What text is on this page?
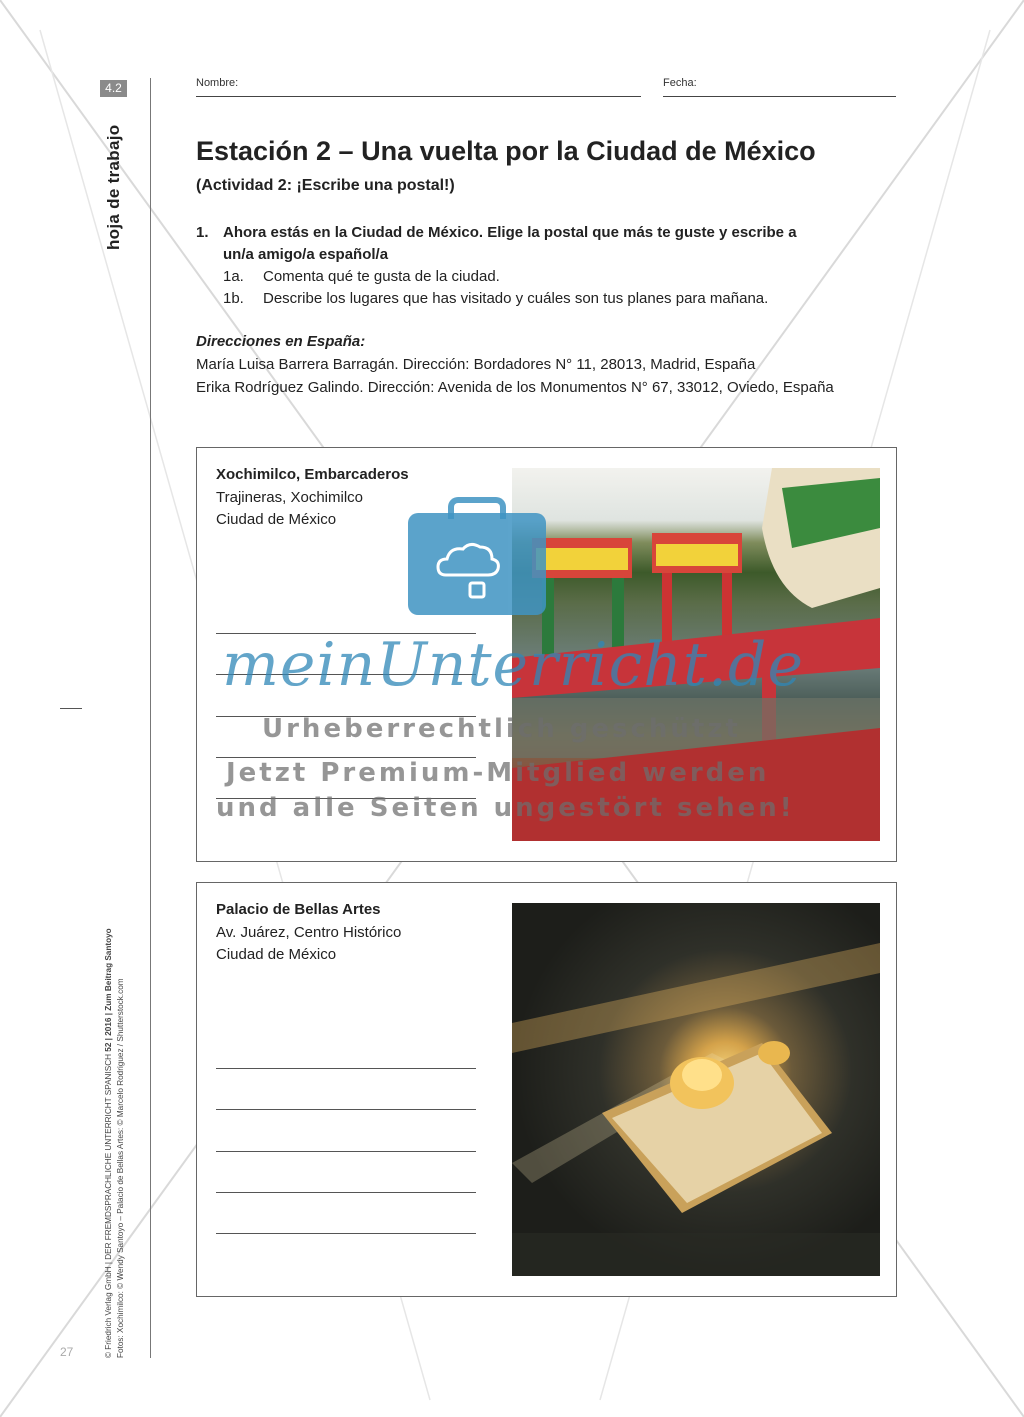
4.2
hoja de trabajo
© Friedrich Verlag GmbH | DER FREMDSPRACHLICHE UNTERRICHT SPANISCH 52 | 2016 | Zum Beitrag Santoyo Fotos: Xochimilco: © Wendy Santoyo – Palacio de Bellas Artes: © Marcelo Rodriguez / Shutterstock.com
27
Nombre:	Fecha:
Estación 2 – Una vuelta por la Ciudad de México
(Actividad 2: ¡Escribe una postal!)
1. Ahora estás en la Ciudad de México. Elige la postal que más te guste y escribe a un/a amigo/a español/a
1a. Comenta qué te gusta de la ciudad.
1b. Describe los lugares que has visitado y cuáles son tus planes para mañana.
Direcciones en España:
María Luisa Barrera Barragán. Dirección: Bordadores N° 11, 28013, Madrid, España
Erika Rodríguez Galindo. Dirección: Avenida de los Monumentos N° 67, 33012, Oviedo, España
Xochimilco, Embarcaderos
Trajineras, Xochimilco
Ciudad de México
Palacio de Bellas Artes
Av. Juárez, Centro Histórico
Ciudad de México
meinUnterricht.de
Urheberrechtlich geschützt
Jetzt Premium-Mitglied werden
und alle Seiten ungestört sehen!
